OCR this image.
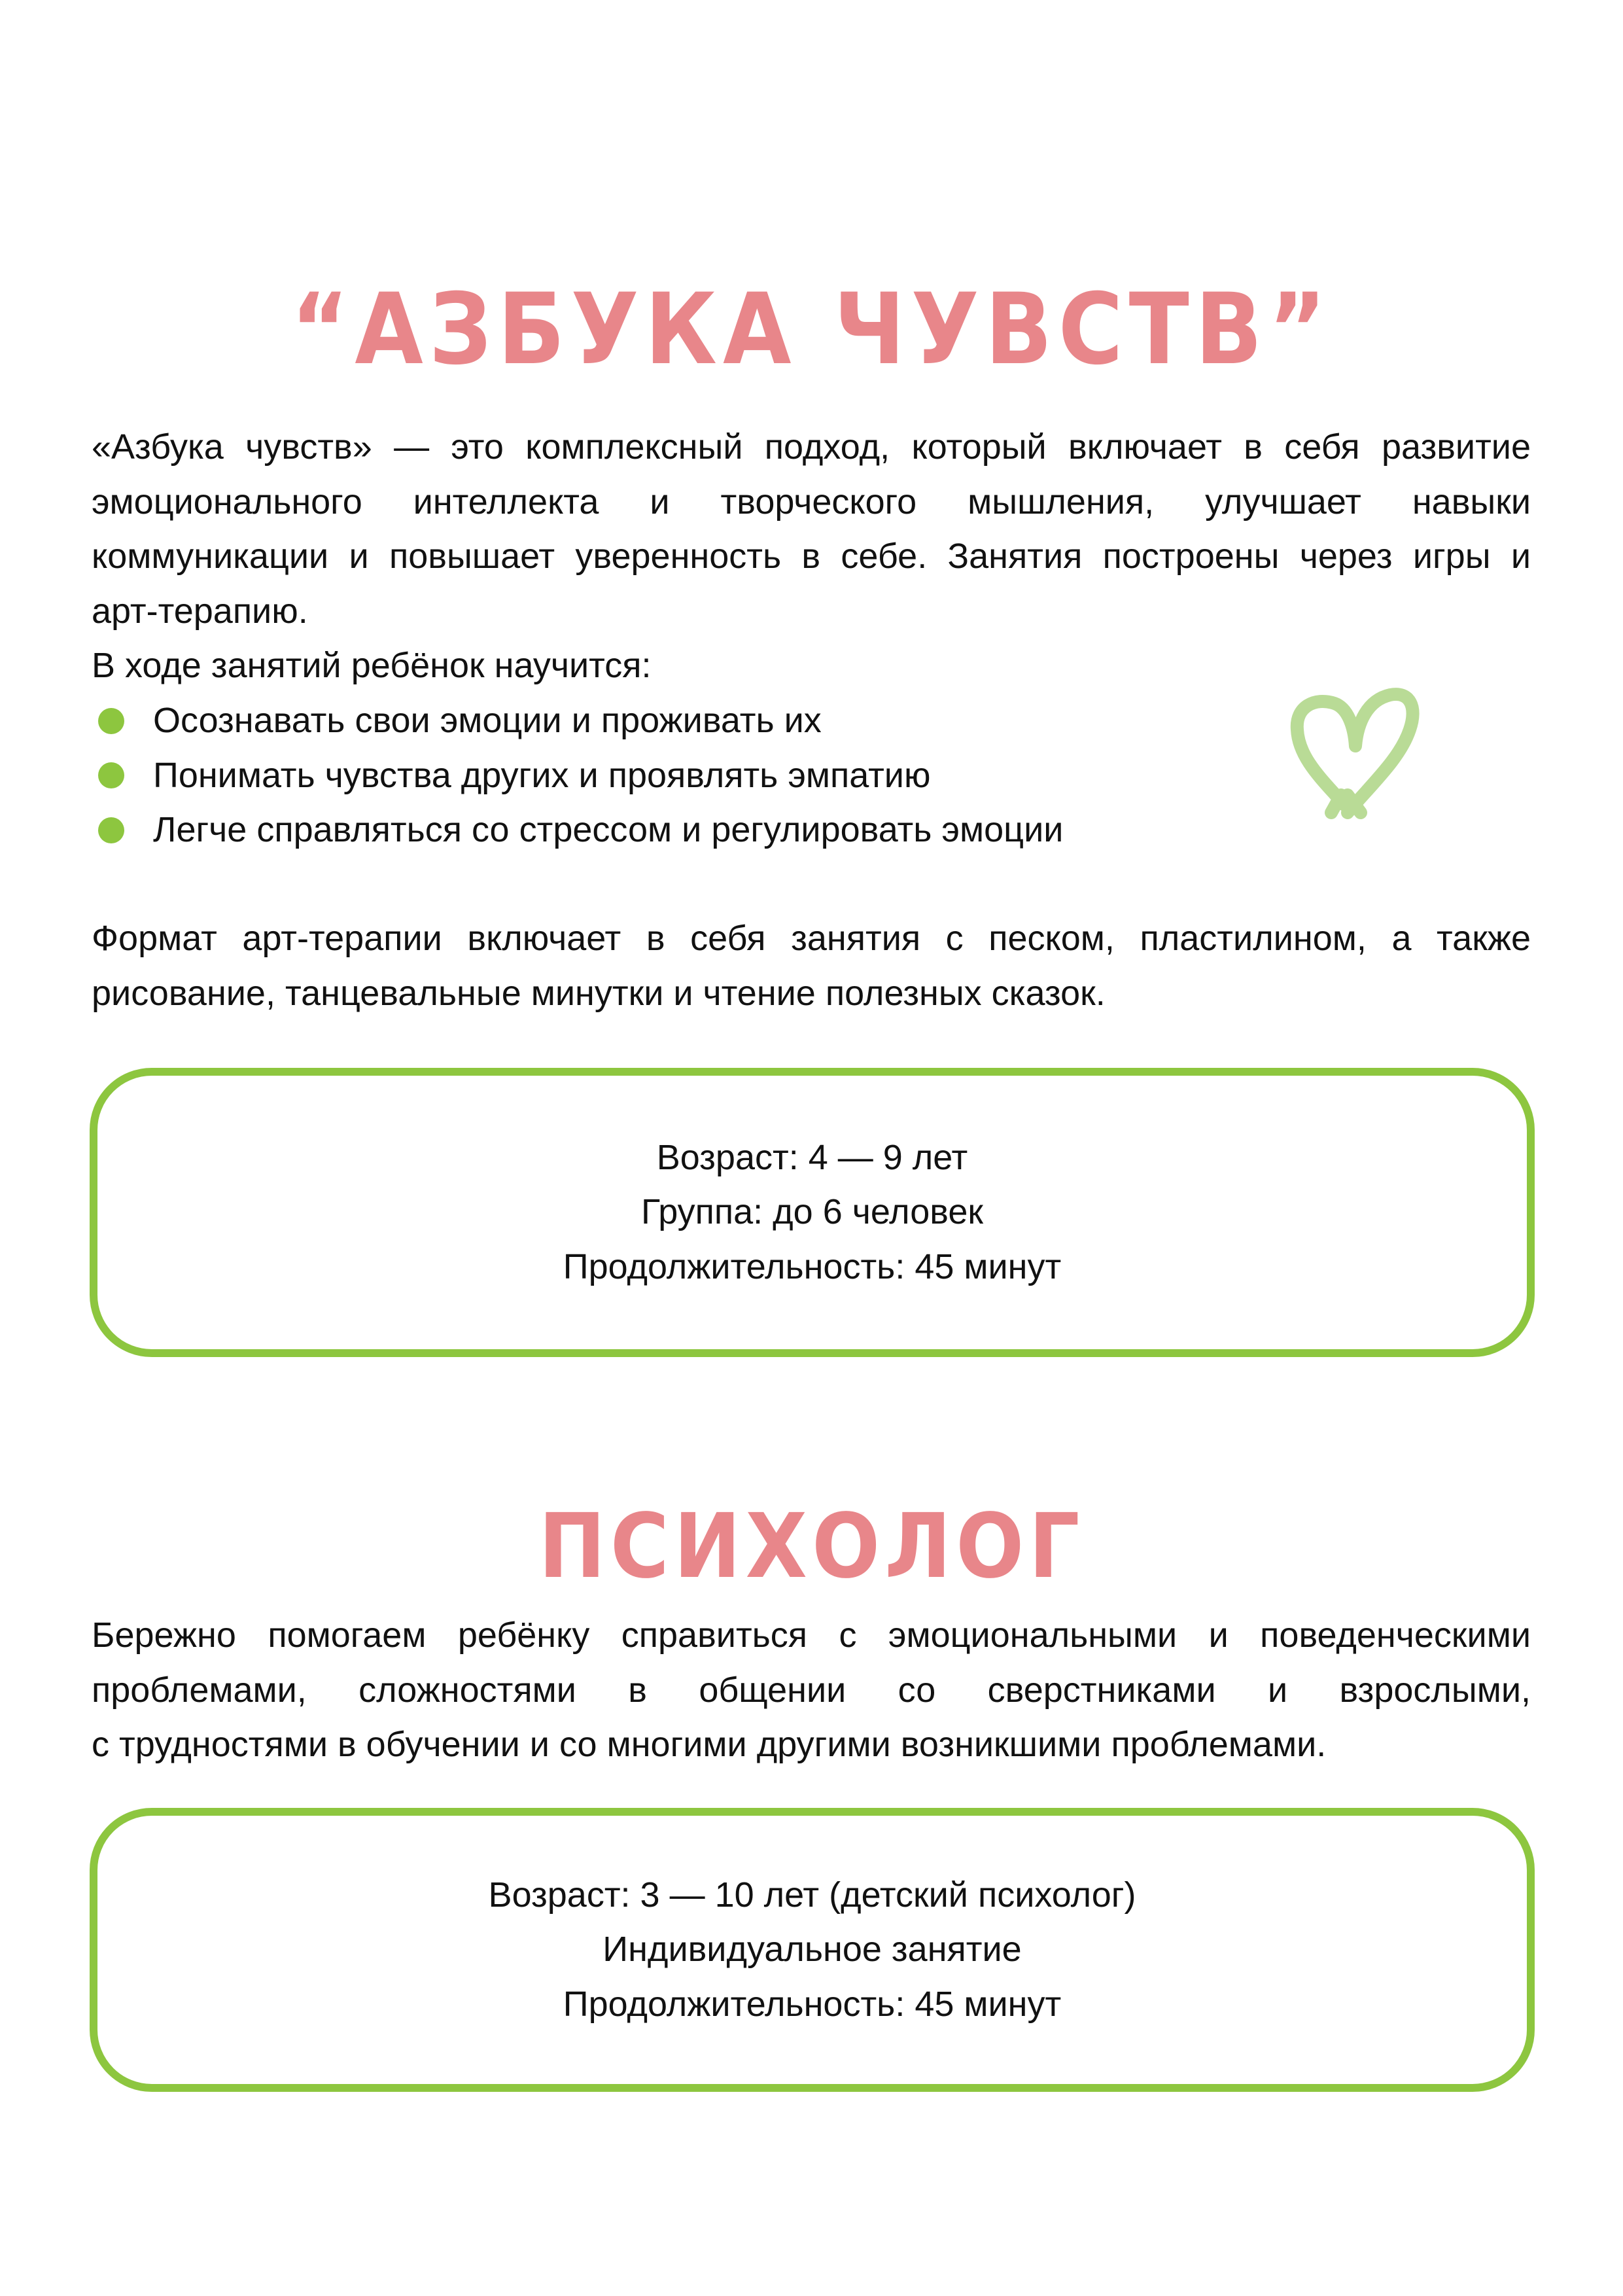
“АЗБУКА ЧУВСТВ”
«Азбука чувств» — это комплексный подход, который включает в себя развитие
эмоционального интеллекта и творческого мышления, улучшает навыки
коммуникации и повышает уверенность в себе. Занятия построены через игры и
арт-терапию.
В ходе занятий ребёнок научится:
Осознавать свои эмоции и проживать их
Понимать чувства других и проявлять эмпатию
Легче справляться со стрессом и регулировать эмоции
Формат арт-терапии включает в себя занятия с песком, пластилином, а также
рисование, танцевальные минутки и чтение полезных сказок.
Возраст: 4 — 9 лет
Группа: до 6 человек
Продолжительность: 45 минут
ПСИХОЛОГ
Бережно помогаем ребёнку справиться с эмоциональными и поведенческими
проблемами, сложностями в общении со сверстниками и взрослыми,
с трудностями в обучении и со многими другими возникшими проблемами.
Возраст: 3 — 10 лет (детский психолог)
Индивидуальное занятие
Продолжительность: 45 минут
